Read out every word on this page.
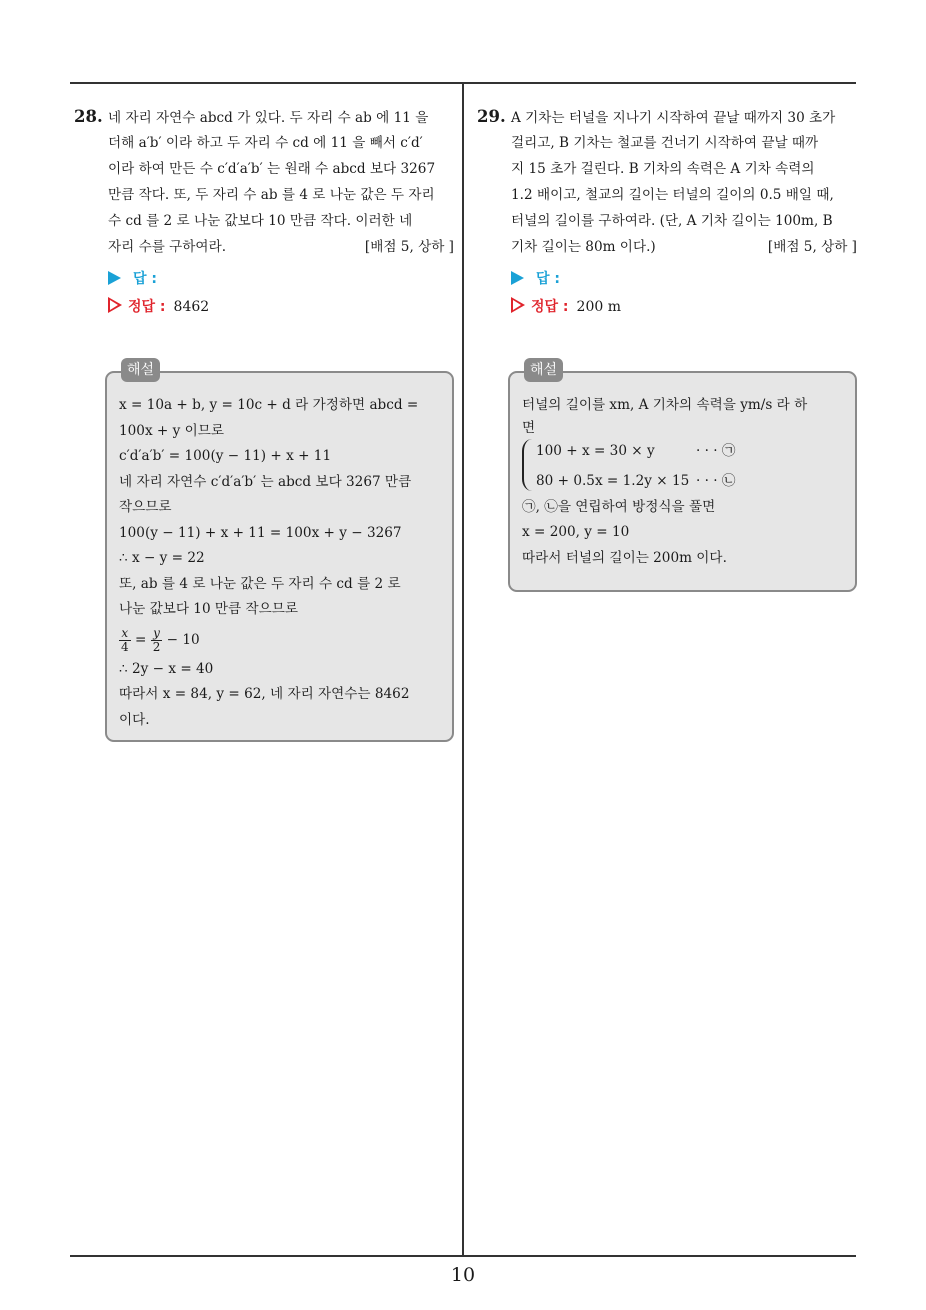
28. 네 자리 자연수 abcd 가 있다. 두 자리 수 ab 에 11 을
더해 a′b′ 이라 하고 두 자리 수 cd 에 11 을 빼서 c′d′
이라 하여 만든 수 c′d′a′b′ 는 원래 수 abcd 보다 3267
만큼 작다. 또, 두 자리 수 ab 를 4 로 나눈 값은 두 자리
수 cd 를 2 로 나눈 값보다 10 만큼 작다. 이러한 네
자리 수를 구하여라.	[배점 5, 상하 ]
답 :
정답 : 8462
해설
x = 10a + b, y = 10c + d 라 가정하면 abcd =
100x + y 이므로
c′d′a′b′ = 100(y − 11) + x + 11
네 자리 자연수 c′d′a′b′ 는 abcd 보다 3267 만큼
작으므로
100(y − 11) + x + 11 = 100x + y − 3267
∴ x − y = 22
또, ab 를 4 로 나눈 값은 두 자리 수 cd 를 2 로
나눈 값보다 10 만큼 작으므로
$\frac{x}{4} = \frac{y}{2} - 10$
∴ 2y − x = 40
따라서 x = 84, y = 62, 네 자리 자연수는 8462
이다.
29. A 기차는 터널을 지나기 시작하여 끝날 때까지 30 초가
걸리고, B 기차는 철교를 건너기 시작하여 끝날 때까
지 15 초가 걸린다. B 기차의 속력은 A 기차 속력의
1.2 배이고, 철교의 길이는 터널의 길이의 0.5 배일 때,
터널의 길이를 구하여라. (단, A 기차 길이는 100m, B
기차 길이는 80m 이다.)	[배점 5, 상하 ]
답 :
정답 : 200 m
해설
터널의 길이를 xm, A 기차의 속력을 ym/s 라 하
면
100 + x = 30 × y	· · · ㉠
80 + 0.5x = 1.2y × 15 · · · ㉡
㉠, ㉡을 연립하여 방정식을 풀면
x = 200, y = 10
따라서 터널의 길이는 200m 이다.
10
